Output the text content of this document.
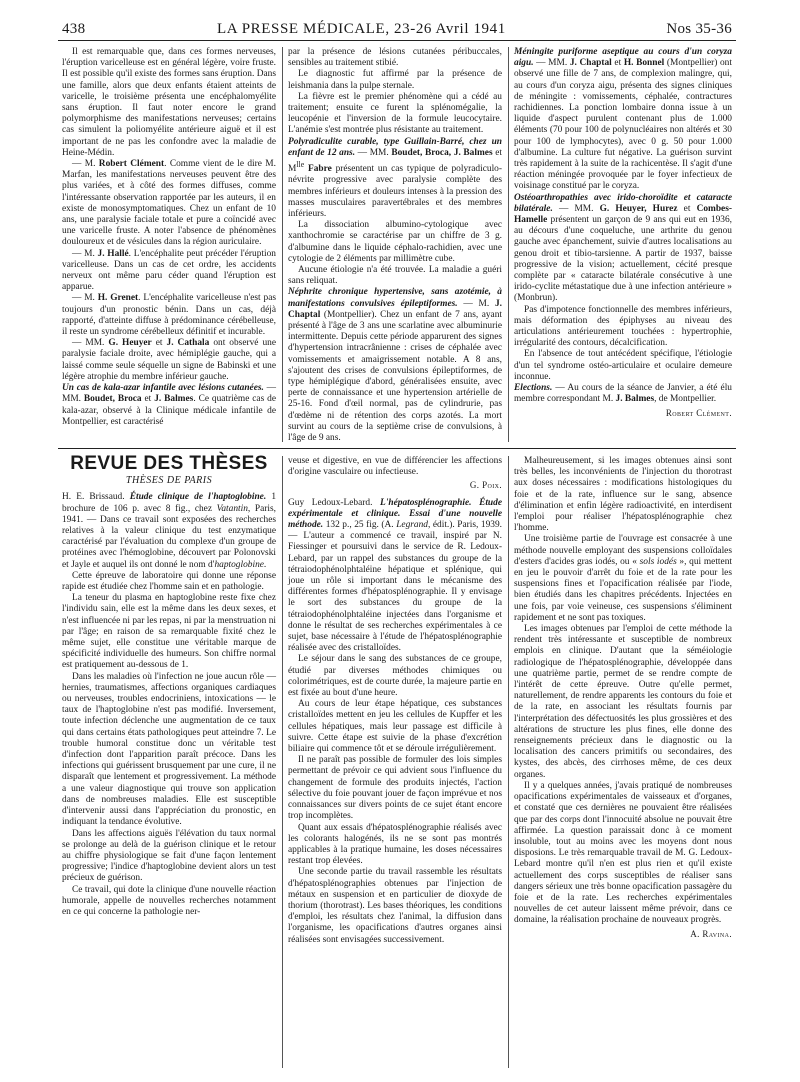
438	LA PRESSE MÉDICALE, 23-26 Avril 1941	Nos 35-36

Il est remarquable que, dans ces formes nerveuses, l'éruption varicelleuse est en général légère, voire fruste. Il est possible qu'il existe des formes sans éruption. Dans une famille, alors que deux enfants étaient atteints de varicelle, le troisième présenta une encéphalomyélite sans éruption. Il faut noter encore le grand polymorphisme des manifestations nerveuses; certains cas simulent la poliomyélite antérieure aiguë et il est important de ne pas les confondre avec la maladie de Heine-Médin.

— M. Robert Clément. Comme vient de le dire M. Marfan, les manifestations nerveuses peuvent être des plus variées, et à côté des formes diffuses, comme l'intéressante observation rapportée par les auteurs, il en existe de monosymptomatiques. Chez un enfant de 10 ans, une paralysie faciale totale et pure a coïncidé avec une varicelle fruste. A noter l'absence de phénomènes douloureux et de vésicules dans la région auriculaire.

— M. J. Hallé. L'encéphalite peut précéder l'éruption varicelleuse. Dans un cas de cet ordre, les accidents nerveux ont même paru céder quand l'éruption est apparue.

— M. H. Grenet. L'encéphalite varicelleuse n'est pas toujours d'un pronostic bénin. Dans un cas, déjà rapporté, d'atteinte diffuse à prédominance cérébelleuse, il reste un syndrome cérébelleux définitif et incurable.

— MM. G. Heuyer et J. Cathala ont observé une paralysie faciale droite, avec hémiplégie gauche, qui a laissé comme seule séquelle un signe de Babinski et une légère atrophie du membre inférieur gauche.

Un cas de kala-azar infantile avec lésions cutanées. — MM. Boudet, Broca et J. Balmes. Ce quatrième cas de kala-azar, observé à la Clinique médicale infantile de Montpellier, est caractérisé

par la présence de lésions cutanées péribuccales, sensibles au traitement stibié.

Le diagnostic fut affirmé par la présence de leishmania dans la pulpe sternale.

La fièvre est le premier phénomène qui a cédé au traitement; ensuite ce furent la splénomégalie, la leucopénie et l'inversion de la formule leucocytaire. L'anémie s'est montrée plus résistante au traitement.

Polyradiculite curable, type Guillain-Barré, chez un enfant de 12 ans. — MM. Boudet, Broca, J. Balmes et $M^{lle}$ Fabre présentent un cas typique de polyradiculo-névrite progressive avec paralysie complète des membres inférieurs et douleurs intenses à la pression des masses musculaires paravertébrales et des membres inférieurs.

La dissociation albumino-cytologique avec xanthochromie se caractérise par un chiffre de 3 g. d'albumine dans le liquide céphalo-rachidien, avec une cytologie de 2 éléments par millimètre cube.

Aucune étiologie n'a été trouvée. La maladie a guéri sans reliquat.

Néphrite chronique hypertensive, sans azotémie, à manifestations convulsives épileptiformes. — M. J. Chaptal (Montpellier). Chez un enfant de 7 ans, ayant présenté à l'âge de 3 ans une scarlatine avec albuminurie intermittente. Depuis cette période apparurent des signes d'hypertension intracrânienne : crises de céphalée avec vomissements et amaigrissement notable. A 8 ans, s'ajoutent des crises de convulsions épileptiformes, de type hémiplégique d'abord, généralisées ensuite, avec perte de connaissance et une hypertension artérielle de 25-16. Fond d'œil normal, pas de cylindrurie, pas d'œdème ni de rétention des corps azotés. La mort survint au cours de la septième crise de convulsions, à l'âge de 9 ans.

Méningite puriforme aseptique au cours d'un coryza aigu. — MM. J. Chaptal et H. Bonnel (Montpellier) ont observé une fille de 7 ans, de complexion malingre, qui, au cours d'un coryza aigu, présenta des signes cliniques de méningite : vomissements, céphalée, contractures rachidiennes. La ponction lombaire donna issue à un liquide d'aspect purulent contenant plus de 1.000 éléments (70 pour 100 de polynucléaires non altérés et 30 pour 100 de lymphocytes), avec 0 g. 50 pour 1.000 d'albumine. La culture fut négative. La guérison survint très rapidement à la suite de la rachicentèse. Il s'agit d'une réaction méningée provoquée par le foyer infectieux de voisinage constitué par le coryza.

Ostéoarthropathies avec irido-choroïdite et cataracte bilatérale. — MM. G. Heuyer, Hurez et Combes-Hamelle présentent un garçon de 9 ans qui eut en 1936, au décours d'une coqueluche, une arthrite du genou gauche avec épanchement, suivie d'autres localisations au genou droit et tibio-tarsienne. A partir de 1937, baisse progressive de la vision; actuellement, cécité presque complète par « cataracte bilatérale consécutive à une irido-cyclite métastatique due à une infection antérieure » (Monbrun).

Pas d'impotence fonctionnelle des membres inférieurs, mais déformation des épiphyses au niveau des articulations antérieurement touchées : hypertrophie, irrégularité des contours, décalcification.

En l'absence de tout antécédent spécifique, l'étiologie d'un tel syndrome ostéo-articulaire et oculaire demeure inconnue.

Elections. — Au cours de la séance de Janvier, a été élu membre correspondant M. J. Balmes, de Montpellier.

Robert Clément.
REVUE DES THÈSES
THÈSES DE PARIS

H. E. Brissaud. Étude clinique de l'haptoglobine. 1 brochure de 106 p. avec 8 fig., chez Vatantin, Paris, 1941. — Dans ce travail sont exposées des recherches relatives à la valeur clinique du test enzymatique caractérisé par l'évaluation du complexe d'un groupe de protéines avec l'hémoglobine, découvert par Polonovski et Jayle et auquel ils ont donné le nom d'haptoglobine.

Cette épreuve de laboratoire qui donne une réponse rapide est étudiée chez l'homme sain et en pathologie.

La teneur du plasma en haptoglobine reste fixe chez l'individu sain, elle est la même dans les deux sexes, et n'est influencée ni par les repas, ni par la menstruation ni par l'âge; en raison de sa remarquable fixité chez le même sujet, elle constitue une véritable marque de spécificité individuelle des humeurs. Son chiffre normal est pratiquement au-dessous de 1.

Dans les maladies où l'infection ne joue aucun rôle — hernies, traumatismes, affections organiques cardiaques ou nerveuses, troubles endocriniens, intoxications — le taux de l'haptoglobine n'est pas modifié. Inversement, toute infection déclenche une augmentation de ce taux qui dans certains états pathologiques peut atteindre 7. Le trouble humoral constitue donc un véritable test d'infection dont l'apparition paraît précoce. Dans les infections qui guérissent brusquement par une cure, il ne disparaît que lentement et progressivement. La méthode a une valeur diagnostique qui trouve son application dans de nombreuses maladies. Elle est susceptible d'intervenir aussi dans l'appréciation du pronostic, en indiquant la tendance évolutive.

Dans les affections aiguës l'élévation du taux normal se prolonge au delà de la guérison clinique et le retour au chiffre physiologique se fait d'une façon lentement progressive; l'indice d'haptoglobine devient alors un test précieux de guérison.

Ce travail, qui dote la clinique d'une nouvelle réaction humorale, appelle de nouvelles recherches notamment en ce qui concerne la pathologie ner-

veuse et digestive, en vue de différencier les affections d'origine vasculaire ou infectieuse.

G. Poix.

Guy Ledoux-Lebard. L'hépatosplénographie. Étude expérimentale et clinique. Essai d'une nouvelle méthode. 132 p., 25 fig. (A. Legrand, édit.). Paris, 1939. — L'auteur a commencé ce travail, inspiré par N. Fiessinger et poursuivi dans le service de R. Ledoux-Lebard, par un rappel des substances du groupe de la tétraiodophénolphtaléine hépatique et splénique, qui joue un rôle si important dans le mécanisme des différentes formes d'hépatosplénographie. Il y envisage le sort des substances du groupe de la tétraiodophénolphtaléine injectées dans l'organisme et donne le résultat de ses recherches expérimentales à ce sujet, base nécessaire à l'étude de l'hépatosplénographie réalisée avec des cristalloïdes.

Le séjour dans le sang des substances de ce groupe, étudié par diverses méthodes chimiques ou colorimétriques, est de courte durée, la majeure partie en est fixée au bout d'une heure.

Au cours de leur étape hépatique, ces substances cristalloïdes mettent en jeu les cellules de Kupffer et les cellules hépatiques, mais leur passage est difficile à suivre. Cette étape est suivie de la phase d'excrétion biliaire qui commence tôt et se déroule irrégulièrement.

Il ne paraît pas possible de formuler des lois simples permettant de prévoir ce qui advient sous l'influence du changement de formule des produits injectés, l'action sélective du foie pouvant jouer de façon imprévue et nos connaissances sur divers points de ce sujet étant encore trop incomplètes.

Quant aux essais d'hépatosplénographie réalisés avec les colorants halogénés, ils ne se sont pas montrés applicables à la pratique humaine, les doses nécessaires restant trop élevées.

Une seconde partie du travail rassemble les résultats d'hépatosplénographies obtenues par l'injection de métaux en suspension et en particulier de dioxyde de thorium (thorotrast). Les bases théoriques, les conditions d'emploi, les résultats chez l'animal, la diffusion dans l'organisme, les opacifications d'autres organes ainsi réalisées sont envisagées successivement.

Malheureusement, si les images obtenues ainsi sont très belles, les inconvénients de l'injection du thorotrast aux doses nécessaires : modifications histologiques du foie et de la rate, influence sur le sang, absence d'élimination et enfin légère radioactivité, en interdisent l'emploi pour réaliser l'hépatosplénographie chez l'homme.

Une troisième partie de l'ouvrage est consacrée à une méthode nouvelle employant des suspensions colloïdales d'esters d'acides gras iodés, ou « sols iodés », qui mettent en jeu le pouvoir d'arrêt du foie et de la rate pour les suspensions fines et l'opacification réalisée par l'iode, bien étudiés dans les chapitres précédents. Injectées en une fois, par voie veineuse, ces suspensions s'éliminent rapidement et ne sont pas toxiques.

Les images obtenues par l'emploi de cette méthode la rendent très intéressante et susceptible de nombreux emplois en clinique. D'autant que la séméiologie radiologique de l'hépatosplénographie, développée dans une quatrième partie, permet de se rendre compte de l'intérêt de cette épreuve. Outre qu'elle permet, naturellement, de rendre apparents les contours du foie et de la rate, en associant les résultats fournis par l'interprétation des défectuosités les plus grossières et des altérations de structure les plus fines, elle donne des renseignements précieux dans le diagnostic ou la localisation des cancers primitifs ou secondaires, des kystes, des abcès, des cirrhoses même, de ces deux organes.

Il y a quelques années, j'avais pratiqué de nombreuses opacifications expérimentales de vaisseaux et d'organes, et constaté que ces dernières ne pouvaient être réalisées que par des corps dont l'innocuité absolue ne pouvait être affirmée. La question paraissait donc à ce moment insoluble, tout au moins avec les moyens dont nous disposions. Le très remarquable travail de M. G. Ledoux-Lebard montre qu'il n'en est plus rien et qu'il existe actuellement des corps susceptibles de réaliser sans dangers sérieux une très bonne opacification passagère du foie et de la rate. Les recherches expérimentales nouvelles de cet auteur laissent même prévoir, dans ce domaine, la réalisation prochaine de nouveaux progrès.

A. Ravina.
